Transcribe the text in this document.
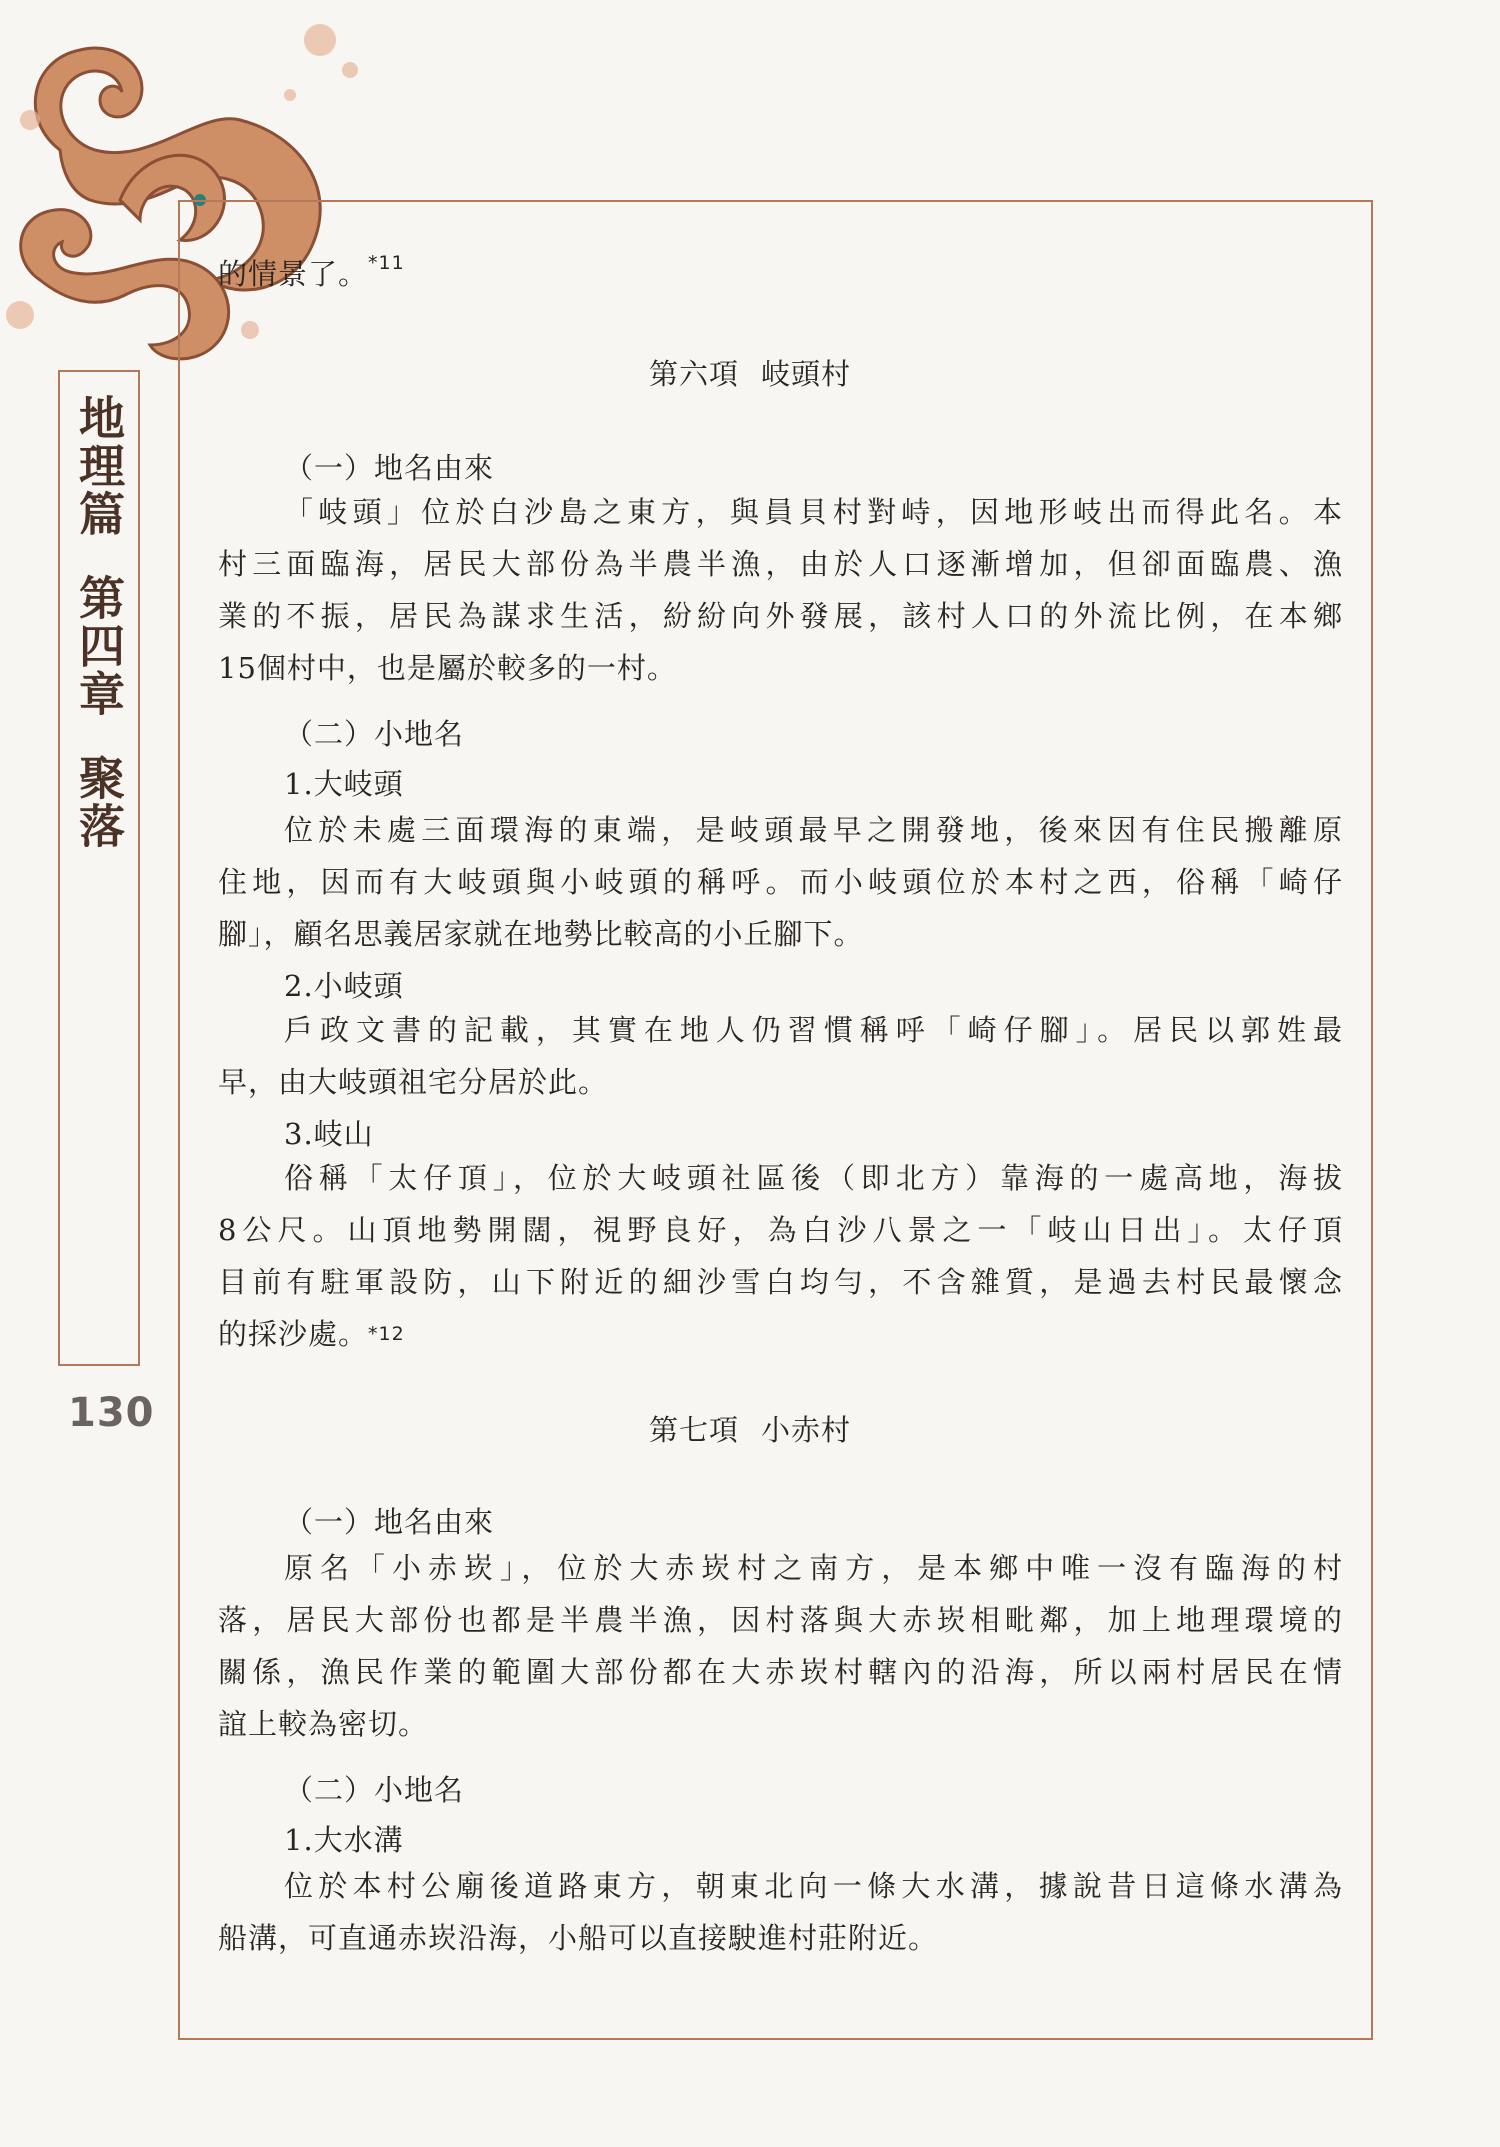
地理篇
第四章
聚落
130
的情景了。$^{*11}$
第六項 岐頭村
（一）地名由來
「岐頭」位於白沙島之東方，與員貝村對峙，因地形岐出而得此名。本
村三面臨海，居民大部份為半農半漁，由於人口逐漸增加，但卻面臨農、漁
業的不振，居民為謀求生活，紛紛向外發展，該村人口的外流比例，在本鄉
15個村中，也是屬於較多的一村。
（二）小地名
1.大岐頭
位於未處三面環海的東端，是岐頭最早之開發地，後來因有住民搬離原
住地，因而有大岐頭與小岐頭的稱呼。而小岐頭位於本村之西，俗稱「崎仔
腳」，顧名思義居家就在地勢比較高的小丘腳下。
2.小岐頭
戶政文書的記載，其實在地人仍習慣稱呼「崎仔腳」。居民以郭姓最
早，由大岐頭祖宅分居於此。
3.岐山
俗稱「太仔頂」，位於大岐頭社區後（即北方）靠海的一處高地，海拔
8公尺。山頂地勢開闊，視野良好，為白沙八景之一「岐山日出」。太仔頂
目前有駐軍設防，山下附近的細沙雪白均勻，不含雜質，是過去村民最懷念
的採沙處。$^{*12}$
第七項 小赤村
（一）地名由來
原名「小赤崁」，位於大赤崁村之南方，是本鄉中唯一沒有臨海的村
落，居民大部份也都是半農半漁，因村落與大赤崁相毗鄰，加上地理環境的
關係，漁民作業的範圍大部份都在大赤崁村轄內的沿海，所以兩村居民在情
誼上較為密切。
（二）小地名
1.大水溝
位於本村公廟後道路東方，朝東北向一條大水溝，據說昔日這條水溝為
船溝，可直通赤崁沿海，小船可以直接駛進村莊附近。
